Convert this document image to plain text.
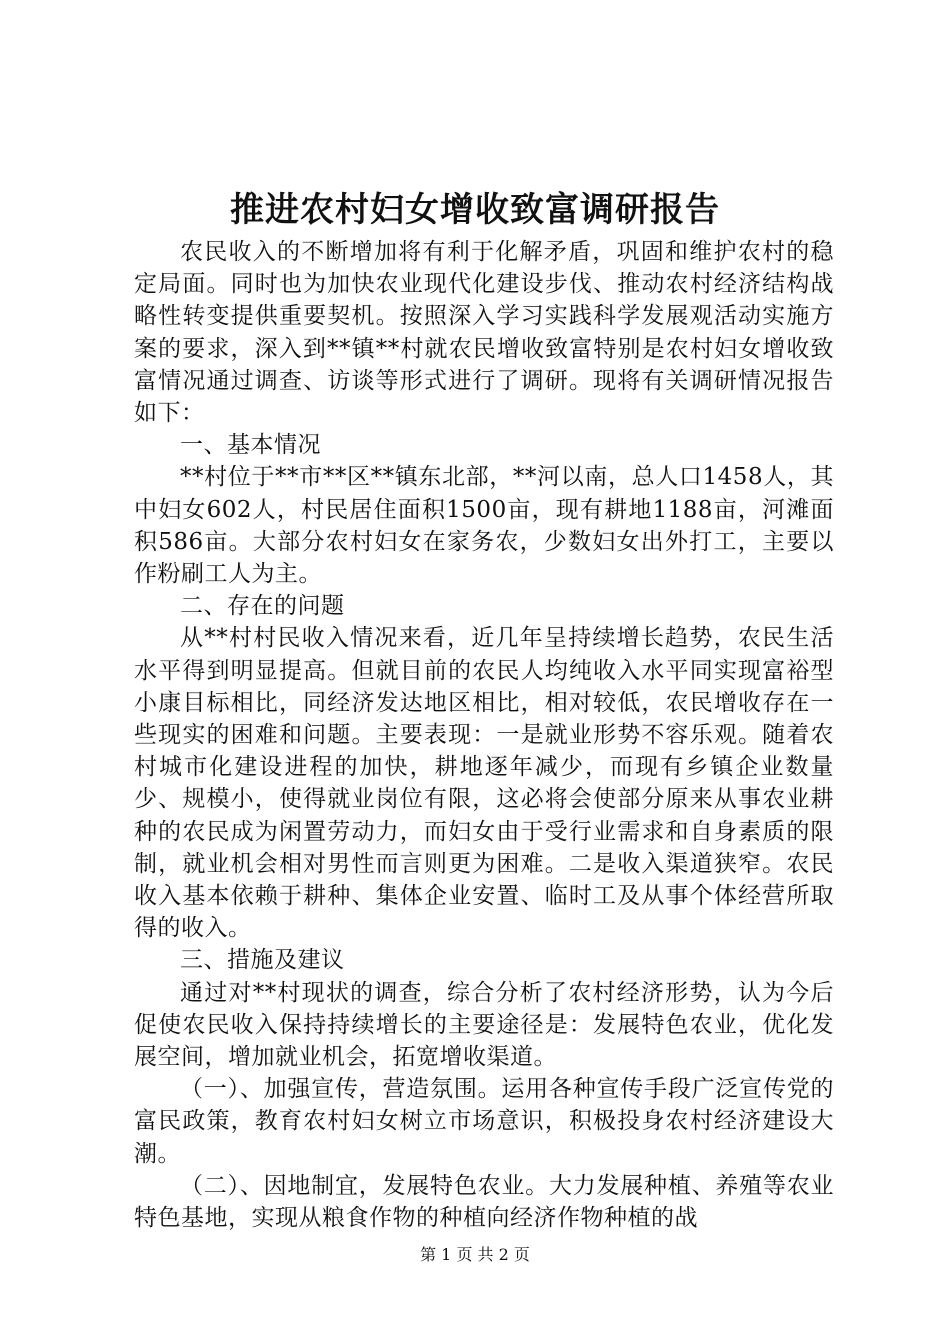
推进农村妇女增收致富调研报告

农民收入的不断增加将有利于化解矛盾，巩固和维护农村的稳定局面。同时也为加快农业现代化建设步伐、推动农村经济结构战略性转变提供重要契机。按照深入学习实践科学发展观活动实施方案的要求，深入到**镇**村就农民增收致富特别是农村妇女增收致富情况通过调查、访谈等形式进行了调研。现将有关调研情况报告如下：

一、基本情况

**村位于**市**区**镇东北部，**河以南，总人口1458人，其中妇女602人，村民居住面积1500亩，现有耕地1188亩，河滩面积586亩。大部分农村妇女在家务农，少数妇女出外打工，主要以作粉刷工人为主。

二、存在的问题

从**村村民收入情况来看，近几年呈持续增长趋势，农民生活水平得到明显提高。但就目前的农民人均纯收入水平同实现富裕型小康目标相比，同经济发达地区相比，相对较低，农民增收存在一些现实的困难和问题。主要表现：一是就业形势不容乐观。随着农村城市化建设进程的加快，耕地逐年减少，而现有乡镇企业数量少、规模小，使得就业岗位有限，这必将会使部分原来从事农业耕种的农民成为闲置劳动力，而妇女由于受行业需求和自身素质的限制，就业机会相对男性而言则更为困难。二是收入渠道狭窄。农民收入基本依赖于耕种、集体企业安置、临时工及从事个体经营所取得的收入。

三、措施及建议

通过对**村现状的调查，综合分析了农村经济形势，认为今后促使农民收入保持持续增长的主要途径是：发展特色农业，优化发展空间，增加就业机会，拓宽增收渠道。

（一）、加强宣传，营造氛围。运用各种宣传手段广泛宣传党的富民政策，教育农村妇女树立市场意识，积极投身农村经济建设大潮。

（二）、因地制宜，发展特色农业。大力发展种植、养殖等农业特色基地，实现从粮食作物的种植向经济作物种植的战

第 1 页 共 2 页
